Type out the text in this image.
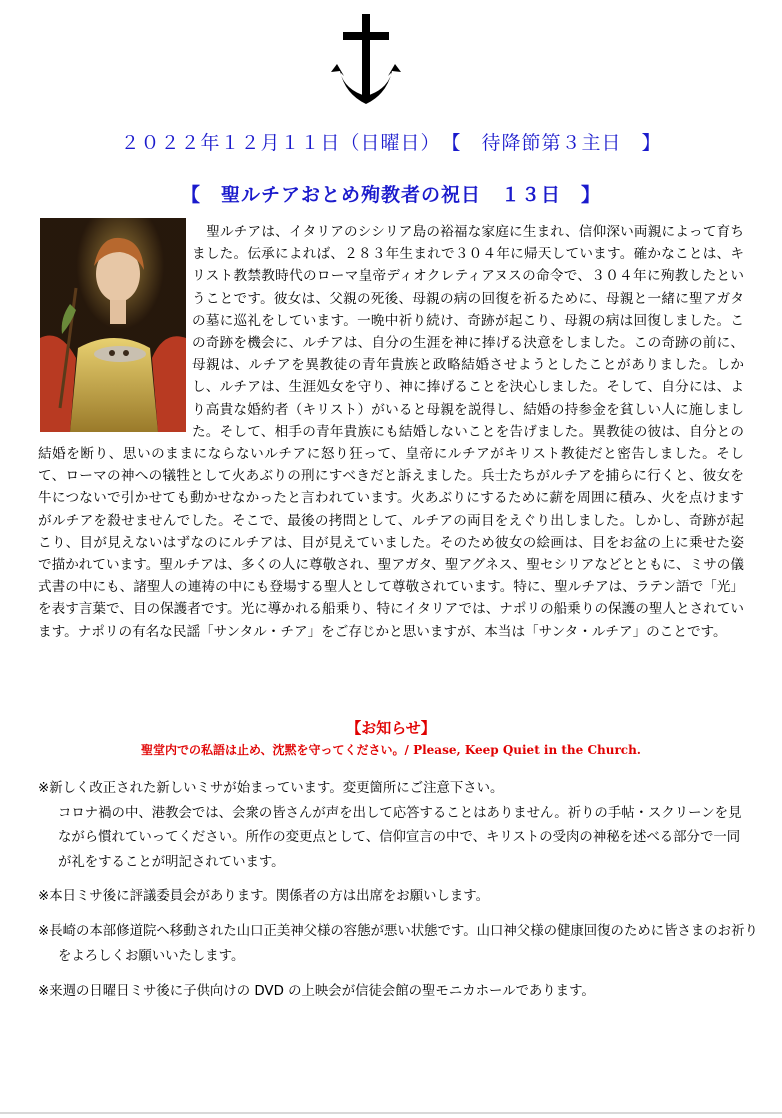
２０２２年１２月１１日（日曜日）　【　待降節第３主日　】
【　聖ルチアおとめ殉教者の祝日　１３日　】

聖ルチアは、イタリアのシシリア島の裕福な家庭に生まれ、信仰深い両親によって育ちました。伝承によれば、２８３年生まれで３０４年に帰天しています。確かなことは、キリスト教禁教時代のローマ皇帝ディオクレティアヌスの命令で、３０４年に殉教したということです。彼女は、父親の死後、母親の病の回復を祈るために、母親と一緒に聖アガタの墓に巡礼をしています。一晩中祈り続け、奇跡が起こり、母親の病は回復しました。この奇跡を機会に、ルチアは、自分の生涯を神に捧げる決意をしました。この奇跡の前に、母親は、ルチアを異教徒の青年貴族と政略結婚させようとしたことがありました。しかし、ルチアは、生涯処女を守り、神に捧げることを決心しました。そして、自分には、より高貴な婚約者（キリスト）がいると母親を説得し、結婚の持参金を貧しい人に施しました。そして、相手の青年貴族にも結婚しないことを告げました。異教徒の彼は、自分との結婚を断り、思いのままにならないルチアに怒り狂って、皇帝にルチアがキリスト教徒だと密告しました。そして、ローマの神への犠牲として火あぶりの刑にすべきだと訴えました。兵士たちがルチアを捕らに行くと、彼女を牛につないで引かせても動かせなかったと言われています。火あぶりにするために薪を周囲に積み、火を点けますがルチアを殺せませんでした。そこで、最後の拷問として、ルチアの両目をえぐり出しました。しかし、奇跡が起こり、目が見えないはずなのにルチアは、目が見えていました。そのため彼女の絵画は、目をお盆の上に乗せた姿で描かれています。聖ルチアは、多くの人に尊敬され、聖アガタ、聖アグネス、聖セシリアなどとともに、ミサの儀式書の中にも、諸聖人の連祷の中にも登場する聖人として尊敬されています。特に、聖ルチアは、ラテン語で「光」を表す言葉で、目の保護者です。光に導かれる船乗り、特にイタリアでは、ナポリの船乗りの保護の聖人とされています。ナポリの有名な民謡「サンタル・チア」をご存じかと思いますが、本当は「サンタ・ルチア」のことです。

【お知らせ】
聖堂内での私語は止め、沈黙を守ってください。/ Please, Keep Quiet in the Church.
※新しく改正された新しいミサが始まっています。変更箇所にご注意下さい。
コロナ禍の中、港教会では、会衆の皆さんが声を出して応答することはありません。祈りの手帖・スクリーンを見ながら慣れていってください。所作の変更点として、信仰宣言の中で、キリストの受肉の神秘を述べる部分で一同が礼をすることが明記されています。
※本日ミサ後に評議委員会があります。関係者の方は出席をお願いします。
※長崎の本部修道院へ移動された山口正美神父様の容態が悪い状態です。山口神父様の健康回復のために皆さまのお祈りをよろしくお願いいたします。
※来週の日曜日ミサ後に子供向けの DVD の上映会が信徒会館の聖モニカホールであります。
